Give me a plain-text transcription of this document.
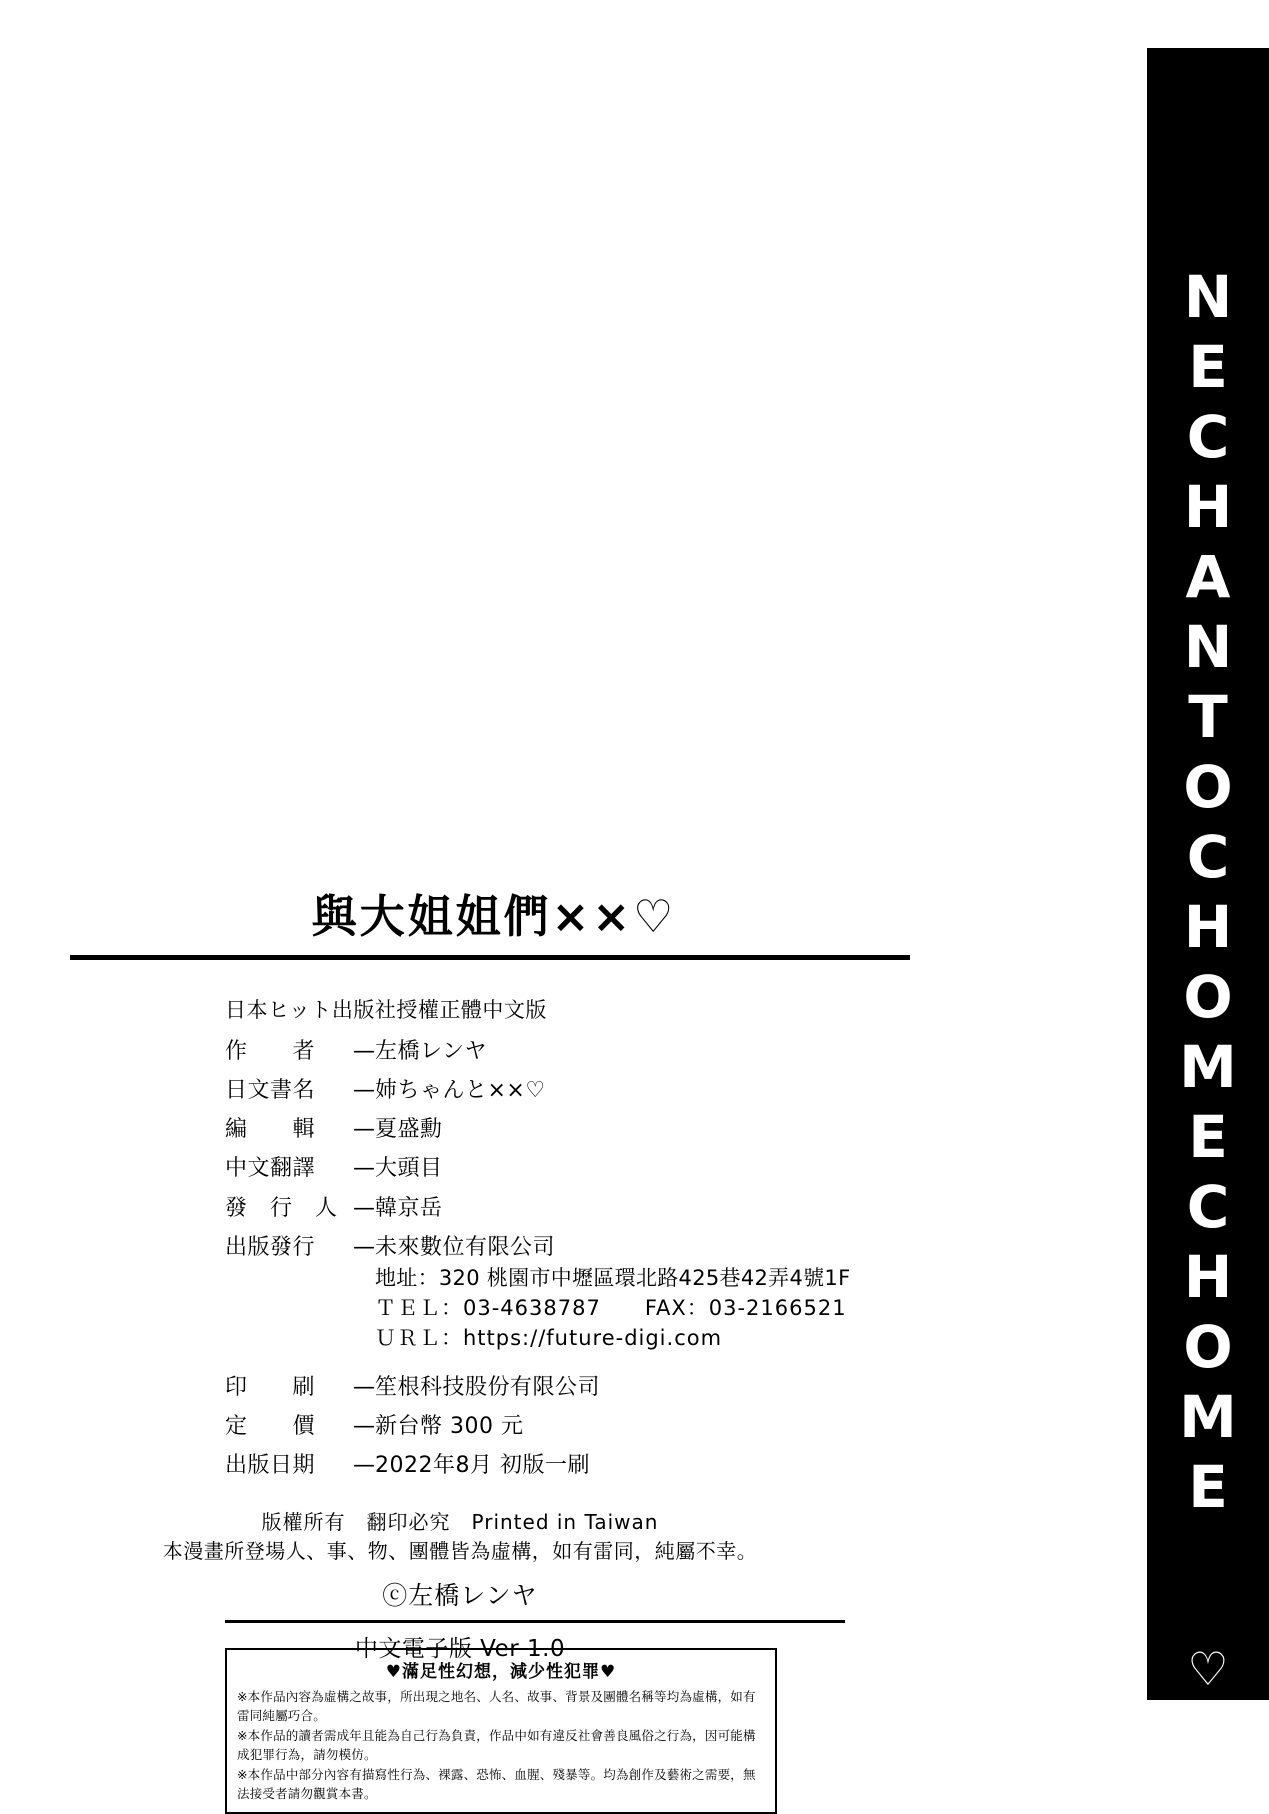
NECHANTOCHOMECHOME
♡
與大姐姐們××♡
日本ヒット出版社授權正體中文版
作　　者	— 左橋レンヤ
日文書名	— 姉ちゃんと××♡
編　　輯	— 夏盛勳
中文翻譯	— 大頭目
發　行　人 — 韓京岳
出版發行	— 未來數位有限公司
地址：320 桃園市中壢區環北路425巷42弄4號1F
ＴＥＬ：03-4638787　　FAX：03-2166521
ＵＲＬ：https://future-digi.com
印　　刷	— 笙根科技股份有限公司
定　　價	— 新台幣 300 元
出版日期	— 2022年8月 初版一刷
版權所有　翻印必究　Printed in Taiwan
本漫畫所登場人、事、物、團體皆為虛構，如有雷同，純屬不幸。
ⓒ左橋レンヤ
中文電子版 Ver 1.0
♥滿足性幻想，減少性犯罪♥
※本作品內容為虛構之故事，所出現之地名、人名、故事、背景及團體名稱等均為虛構，如有雷同純屬巧合。
※本作品的讀者需成年且能為自己行為負責，作品中如有違反社會善良風俗之行為，因可能構成犯罪行為，請勿模仿。
※本作品中部分內容有描寫性行為、裸露、恐怖、血腥、殘暴等。均為創作及藝術之需要，無法接受者請勿觀賞本書。
